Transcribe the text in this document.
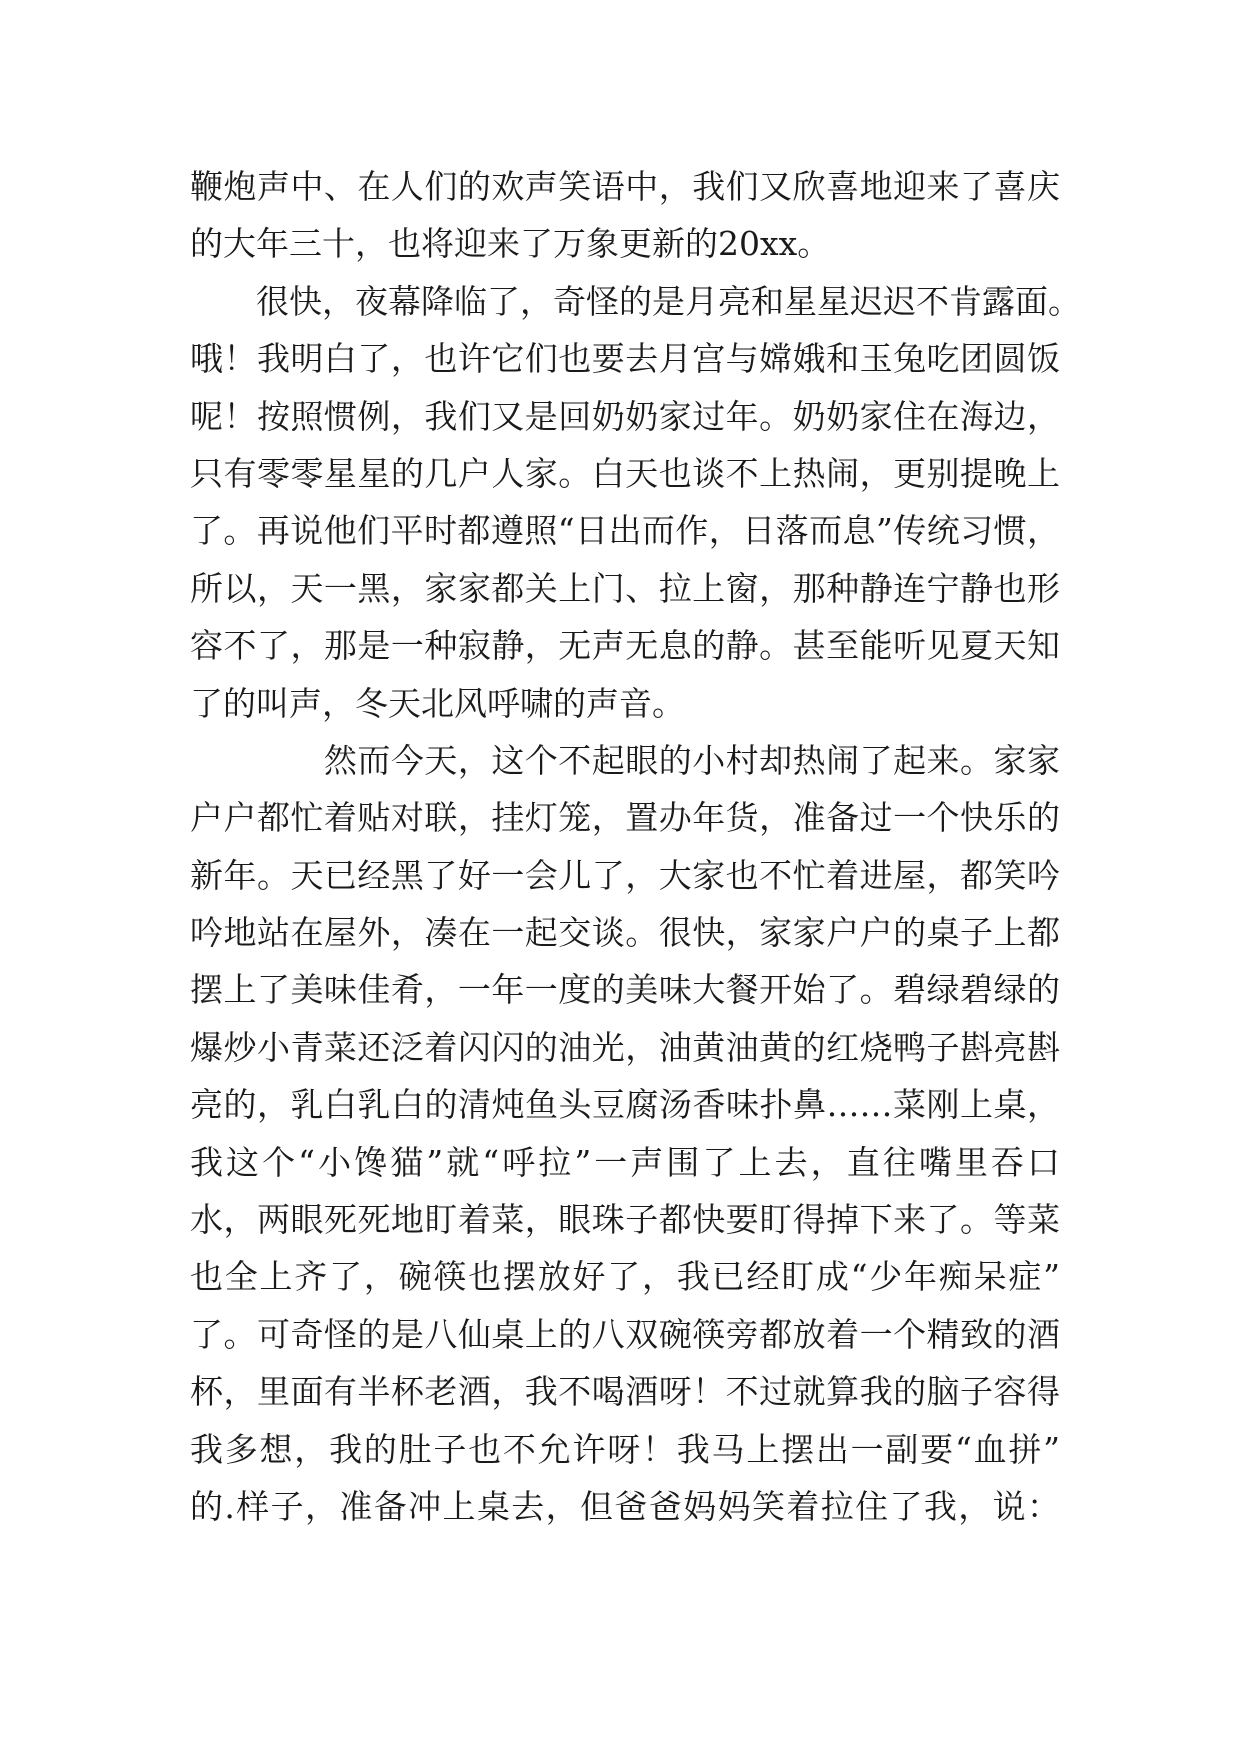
鞭炮声中、在人们的欢声笑语中，我们又欣喜地迎来了喜庆
的大年三十，也将迎来了万象更新的20xx。
　　很快，夜幕降临了，奇怪的是月亮和星星迟迟不肯露面。
哦！我明白了，也许它们也要去月宫与嫦娥和玉兔吃团圆饭
呢！按照惯例，我们又是回奶奶家过年。奶奶家住在海边，
只有零零星星的几户人家。白天也谈不上热闹，更别提晚上
了。再说他们平时都遵照“日出而作，日落而息”传统习惯，
所以，天一黑，家家都关上门、拉上窗，那种静连宁静也形
容不了，那是一种寂静，无声无息的静。甚至能听见夏天知
了的叫声，冬天北风呼啸的声音。
　　　　然而今天，这个不起眼的小村却热闹了起来。家家
户户都忙着贴对联，挂灯笼，置办年货，准备过一个快乐的
新年。天已经黑了好一会儿了，大家也不忙着进屋，都笑吟
吟地站在屋外，凑在一起交谈。很快，家家户户的桌子上都
摆上了美味佳肴，一年一度的美味大餐开始了。碧绿碧绿的
爆炒小青菜还泛着闪闪的油光，油黄油黄的红烧鸭子斟亮斟
亮的，乳白乳白的清炖鱼头豆腐汤香味扑鼻……菜刚上桌，
我这个“小馋猫”就“呼拉”一声围了上去，直往嘴里吞口
水，两眼死死地盯着菜，眼珠子都快要盯得掉下来了。等菜
也全上齐了，碗筷也摆放好了，我已经盯成“少年痴呆症”
了。可奇怪的是八仙桌上的八双碗筷旁都放着一个精致的酒
杯，里面有半杯老酒，我不喝酒呀！不过就算我的脑子容得
我多想，我的肚子也不允许呀！我马上摆出一副要“血拼”
的.样子，准备冲上桌去，但爸爸妈妈笑着拉住了我，说：
